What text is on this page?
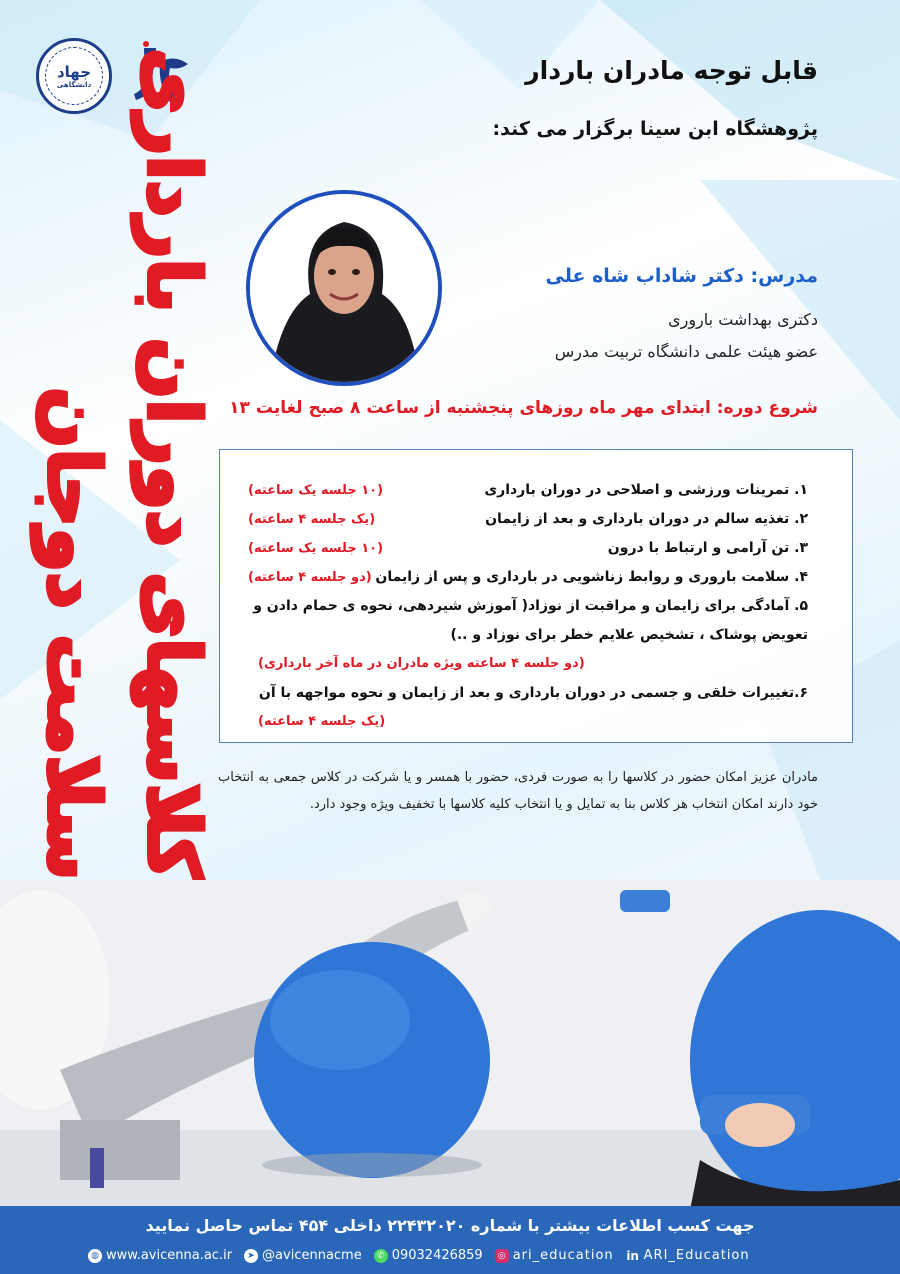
جهاد
دانشگاهی	قابل توجه مادران باردار
پژوهشگاه ابن سینا برگزار می کند:
کلاسهای دوران بارداری
سلامت دوجان
مدرس: دکتر شاداب شاه علی
دکتری بهداشت باروری
عضو هیئت علمی دانشگاه تربیت مدرس
شروع دوره: ابتدای مهر ماه روزهای پنجشنبه از ساعت ۸ صبح لغایت ۱۳
۱. تمرینات ورزشی و اصلاحی در دوران بارداری
(۱۰ جلسه یک ساعته)
۲. تغذیه سالم در دوران بارداری و بعد از زایمان
(یک جلسه ۴ ساعته)
۳. تن آرامی و ارتباط با درون
(۱۰ جلسه یک ساعته)
۴. سلامت باروری و روابط زناشویی در بارداری و پس از زایمان
(دو جلسه ۴ ساعته)
۵. آمادگی برای زایمان و مراقبت از نوزاد( آموزش شیردهی، نحوه ی حمام دادن و
تعویض پوشاک ، تشخیص علایم خطر برای نوزاد و ..)
(دو جلسه ۴ ساعته ویژه مادران در ماه آخر بارداری)
۶.تغییرات خلقی و جسمی در دوران بارداری و بعد از زایمان و نحوه مواجهه با آن
(یک جلسه ۴ ساعته)
مادران عزیز امکان حضور در کلاسها را به صورت فردی، حضور با همسر و یا شرکت در کلاس جمعی به انتخاب خود دارند امکان انتخاب هر کلاس بنا به تمایل و یا انتخاب کلیه کلاسها با تخفیف ویژه وجود دارد.
جهت کسب اطلاعات بیشتر با شماره ۲۲۴۳۲۰۲۰ داخلی ۴۵۴ تماس حاصل نمایید
◍ www.avicenna.ac.ir	➤ @avicennacme	✆ 09032426859	◎ ari_education in ARI_Education
